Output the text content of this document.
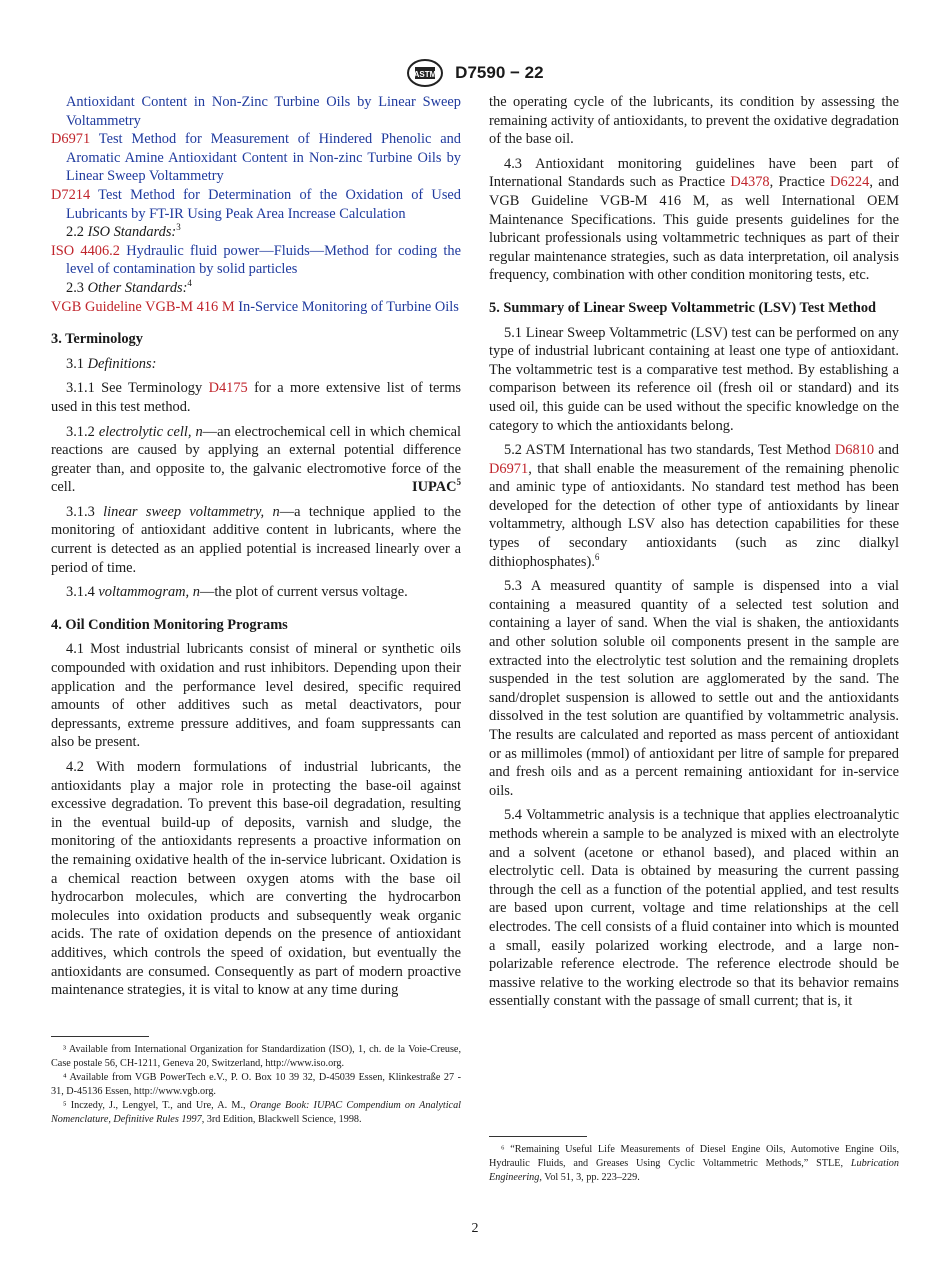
ASTM D7590 − 22

Antioxidant Content in Non-Zinc Turbine Oils by Linear Sweep Voltammetry

D6971 Test Method for Measurement of Hindered Phenolic and Aromatic Amine Antioxidant Content in Non-zinc Turbine Oils by Linear Sweep Voltammetry

D7214 Test Method for Determination of the Oxidation of Used Lubricants by FT-IR Using Peak Area Increase Calculation

2.2 ISO Standards:$^3$

ISO 4406.2 Hydraulic fluid power—Fluids—Method for coding the level of contamination by solid particles

2.3 Other Standards:$^4$

VGB Guideline VGB-M 416 M In-Service Monitoring of Turbine Oils

3. Terminology

3.1 Definitions:

3.1.1 See Terminology D4175 for a more extensive list of terms used in this test method.

3.1.2 electrolytic cell, n—an electrochemical cell in which chemical reactions are caused by applying an external potential difference greater than, and opposite to, the galvanic electromotive force of the cell.	IUPAC$^5$

3.1.3 linear sweep voltammetry, n—a technique applied to the monitoring of antioxidant additive content in lubricants, where the current is detected as an applied potential is increased linearly over a period of time.

3.1.4 voltammogram, n—the plot of current versus voltage.

4. Oil Condition Monitoring Programs

4.1 Most industrial lubricants consist of mineral or synthetic oils compounded with oxidation and rust inhibitors. Depending upon their application and the performance level desired, specific required amounts of other additives such as metal deactivators, pour depressants, extreme pressure additives, and foam suppressants can also be present.

4.2 With modern formulations of industrial lubricants, the antioxidants play a major role in protecting the base-oil against excessive degradation. To prevent this base-oil degradation, resulting in the eventual build-up of deposits, varnish and sludge, the monitoring of the antioxidants represents a proactive information on the remaining oxidative health of the in-service lubricant. Oxidation is a chemical reaction between oxygen atoms with the base oil hydrocarbon molecules, which are converting the hydrocarbon molecules into oxidation products and subsequently weak organic acids. The rate of oxidation depends on the presence of antioxidant additives, which controls the speed of oxidation, but eventually the antioxidants are consumed. Consequently as part of modern proactive maintenance strategies, it is vital to know at any time during

³ Available from International Organization for Standardization (ISO), 1, ch. de la Voie-Creuse, Case postale 56, CH-1211, Geneva 20, Switzerland, http://www.iso.org.

⁴ Available from VGB PowerTech e.V., P. O. Box 10 39 32, D-45039 Essen, Klinkestraße 27 - 31, D-45136 Essen, http://www.vgb.org.

⁵ Inczedy, J., Lengyel, T., and Ure, A. M., Orange Book: IUPAC Compendium on Analytical Nomenclature, Definitive Rules 1997, 3rd Edition, Blackwell Science, 1998.

the operating cycle of the lubricants, its condition by assessing the remaining activity of antioxidants, to prevent the oxidative degradation of the base oil.

4.3 Antioxidant monitoring guidelines have been part of International Standards such as Practice D4378, Practice D6224, and VGB Guideline VGB-M 416 M, as well International OEM Maintenance Specifications. This guide presents guidelines for the lubricant professionals using voltammetric techniques as part of their regular maintenance strategies, such as data interpretation, oil analysis frequency, combination with other condition monitoring tests, etc.

5. Summary of Linear Sweep Voltammetric (LSV) Test Method

5.1 Linear Sweep Voltammetric (LSV) test can be performed on any type of industrial lubricant containing at least one type of antioxidant. The voltammetric test is a comparative test method. By establishing a comparison between its reference oil (fresh oil or standard) and its used oil, this guide can be used without the specific knowledge on the category to which the antioxidants belong.

5.2 ASTM International has two standards, Test Method D6810 and D6971, that shall enable the measurement of the remaining phenolic and aminic type of antioxidants. No standard test method has been developed for the detection of other type of antioxidants by linear voltammetry, although LSV also has detection capabilities for these types of secondary antioxidants (such as zinc dialkyl dithiophosphates).$^6$

5.3 A measured quantity of sample is dispensed into a vial containing a measured quantity of a selected test solution and containing a layer of sand. When the vial is shaken, the antioxidants and other solution soluble oil components present in the sample are extracted into the electrolytic test solution and the remaining droplets suspended in the test solution are agglomerated by the sand. The sand/droplet suspension is allowed to settle out and the antioxidants dissolved in the test solution are quantified by voltammetric analysis. The results are calculated and reported as mass percent of antioxidant or as millimoles (mmol) of antioxidant per litre of sample for prepared and fresh oils and as a percent remaining antioxidant for in-service oils.

5.4 Voltammetric analysis is a technique that applies electroanalytic methods wherein a sample to be analyzed is mixed with an electrolyte and a solvent (acetone or ethanol based), and placed within an electrolytic cell. Data is obtained by measuring the current passing through the cell as a function of the potential applied, and test results are based upon current, voltage and time relationships at the cell electrodes. The cell consists of a fluid container into which is mounted a small, easily polarized working electrode, and a large non-polarizable reference electrode. The reference electrode should be massive relative to the working electrode so that its behavior remains essentially constant with the passage of small current; that is, it

⁶ “Remaining Useful Life Measurements of Diesel Engine Oils, Automotive Engine Oils, Hydraulic Fluids, and Greases Using Cyclic Voltammetric Methods,” STLE, Lubrication Engineering, Vol 51, 3, pp. 223–229.

2
